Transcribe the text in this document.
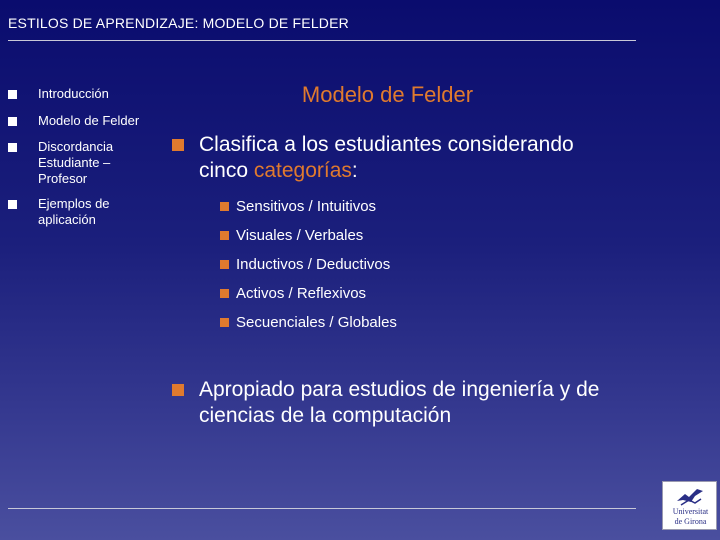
ESTILOS DE APRENDIZAJE: MODELO DE FELDER
Introducción
Modelo de Felder
Discordancia
Estudiante –
Profesor
Ejemplos de
aplicación
Modelo de Felder
Clasifica a los estudiantes considerando
cinco categorías:
Sensitivos / Intuitivos
Visuales / Verbales
Inductivos / Deductivos
Activos / Reflexivos
Secuenciales / Globales
Apropiado para estudios de ingeniería y de
ciencias de la computación
Universitat
de Girona
